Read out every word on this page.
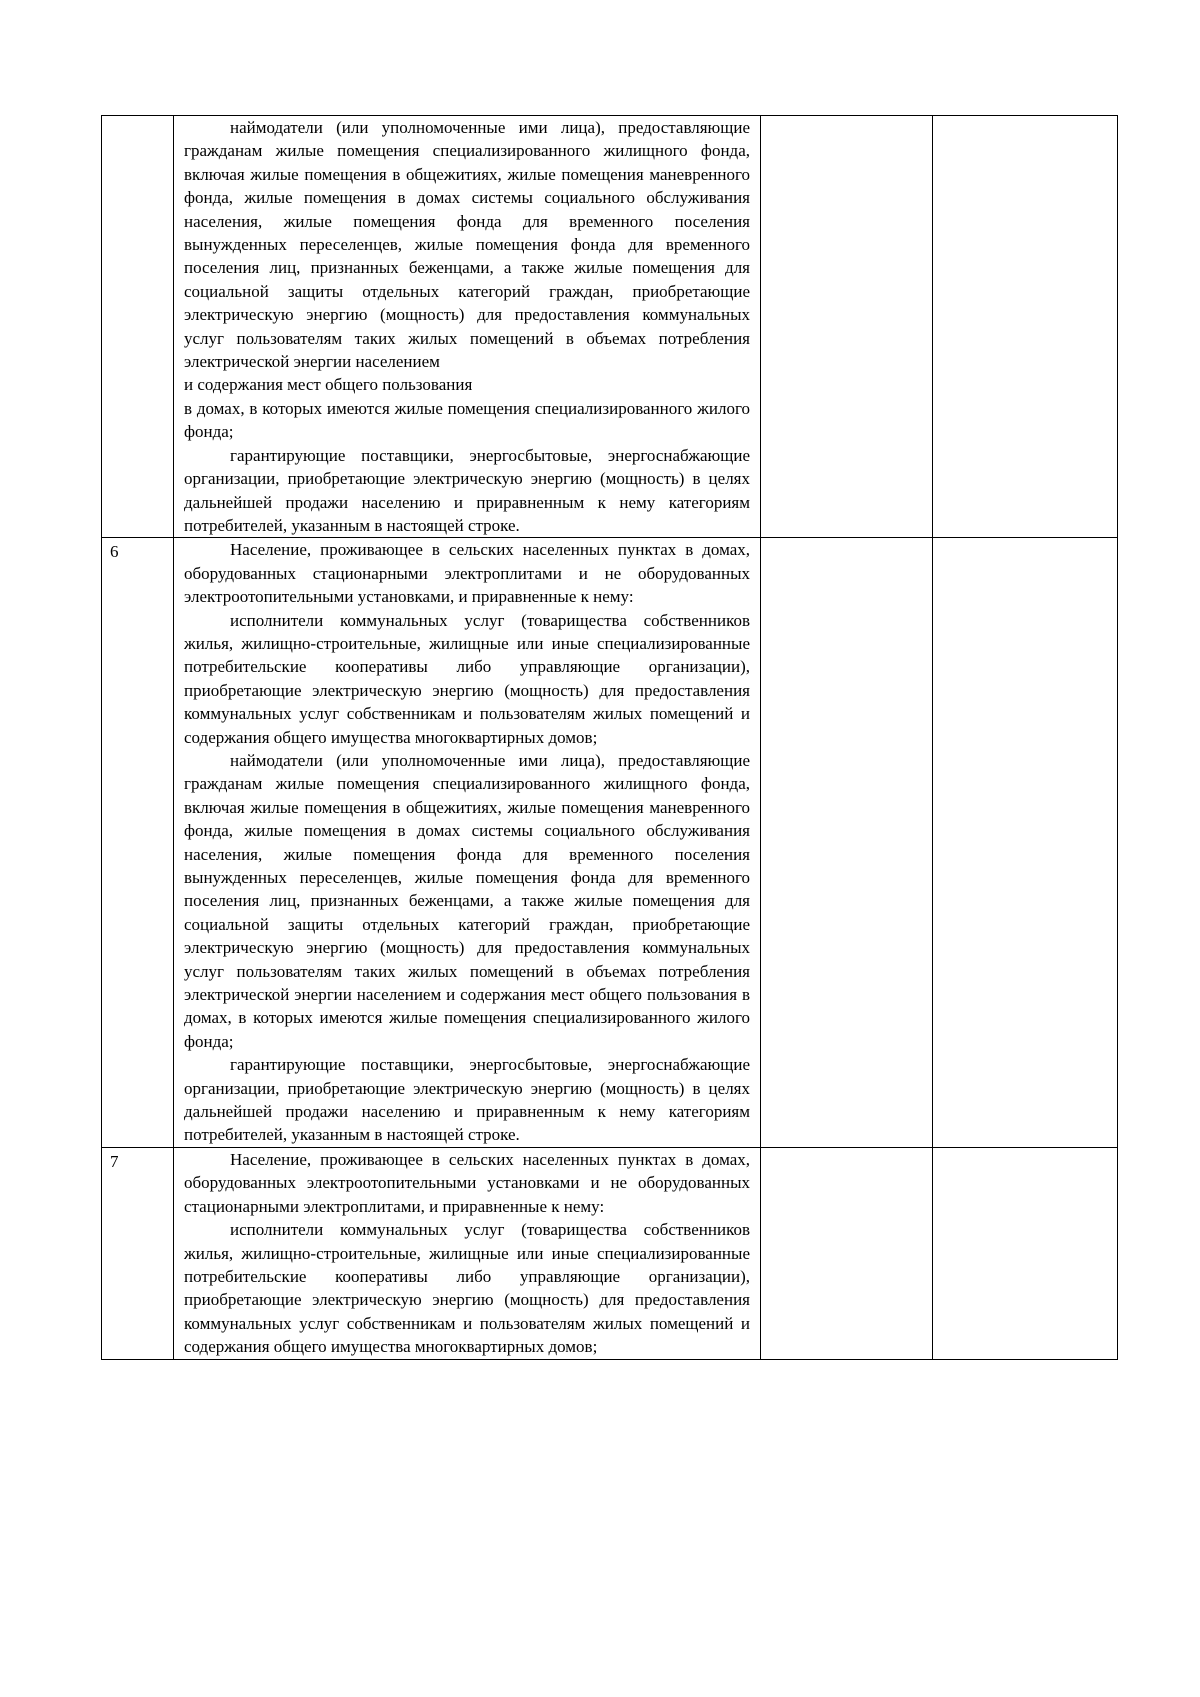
	наймодатели (или уполномоченные ими лица), предоставляющие гражданам жилые помещения специализированного жилищного фонда, включая жилые помещения в общежитиях, жилые помещения маневренного фонда, жилые помещения в домах системы социального обслуживания населения, жилые помещения фонда для временного поселения вынужденных переселенцев, жилые помещения фонда для временного поселения лиц, признанных беженцами, а также жилые помещения для социальной защиты отдельных категорий граждан, приобретающие электрическую энергию (мощность) для предоставления коммунальных услуг пользователям таких жилых помещений в объемах потребления электрической энергии населением
и содержания мест общего пользования
в домах, в которых имеются жилые помещения специализированного жилого фонда;
гарантирующие поставщики, энергосбытовые, энергоснабжающие организации, приобретающие электрическую энергию (мощность) в целях дальнейшей продажи населению и приравненным к нему категориям потребителей, указанным в настоящей строке.		

6	Население, проживающее в сельских населенных пунктах в домах, оборудованных стационарными электроплитами и не оборудованных электроотопительными установками, и приравненные к нему:
исполнители коммунальных услуг (товарищества собственников жилья, жилищно-строительные, жилищные или иные специализированные потребительские кооперативы либо управляющие организации), приобретающие электрическую энергию (мощность) для предоставления коммунальных услуг собственникам и пользователям жилых помещений и содержания общего имущества многоквартирных домов;
наймодатели (или уполномоченные ими лица), предоставляющие гражданам жилые помещения специализированного жилищного фонда, включая жилые помещения в общежитиях, жилые помещения маневренного фонда, жилые помещения в домах системы социального обслуживания населения, жилые помещения фонда для временного поселения вынужденных переселенцев, жилые помещения фонда для временного поселения лиц, признанных беженцами, а также жилые помещения для социальной защиты отдельных категорий граждан, приобретающие электрическую энергию (мощность) для предоставления коммунальных услуг пользователям таких жилых помещений в объемах потребления электрической энергии населением и содержания мест общего пользования в домах, в которых имеются жилые помещения специализированного жилого фонда;
гарантирующие поставщики, энергосбытовые, энергоснабжающие организации, приобретающие электрическую энергию (мощность) в целях дальнейшей продажи населению и приравненным к нему категориям потребителей, указанным в настоящей строке.		

7	Население, проживающее в сельских населенных пунктах в домах, оборудованных электроотопительными установками и не оборудованных стационарными электроплитами, и приравненные к нему:
исполнители коммунальных услуг (товарищества собственников жилья, жилищно-строительные, жилищные или иные специализированные потребительские кооперативы либо управляющие организации), приобретающие электрическую энергию (мощность) для предоставления коммунальных услуг собственникам и пользователям жилых помещений и содержания общего имущества многоквартирных домов;		
